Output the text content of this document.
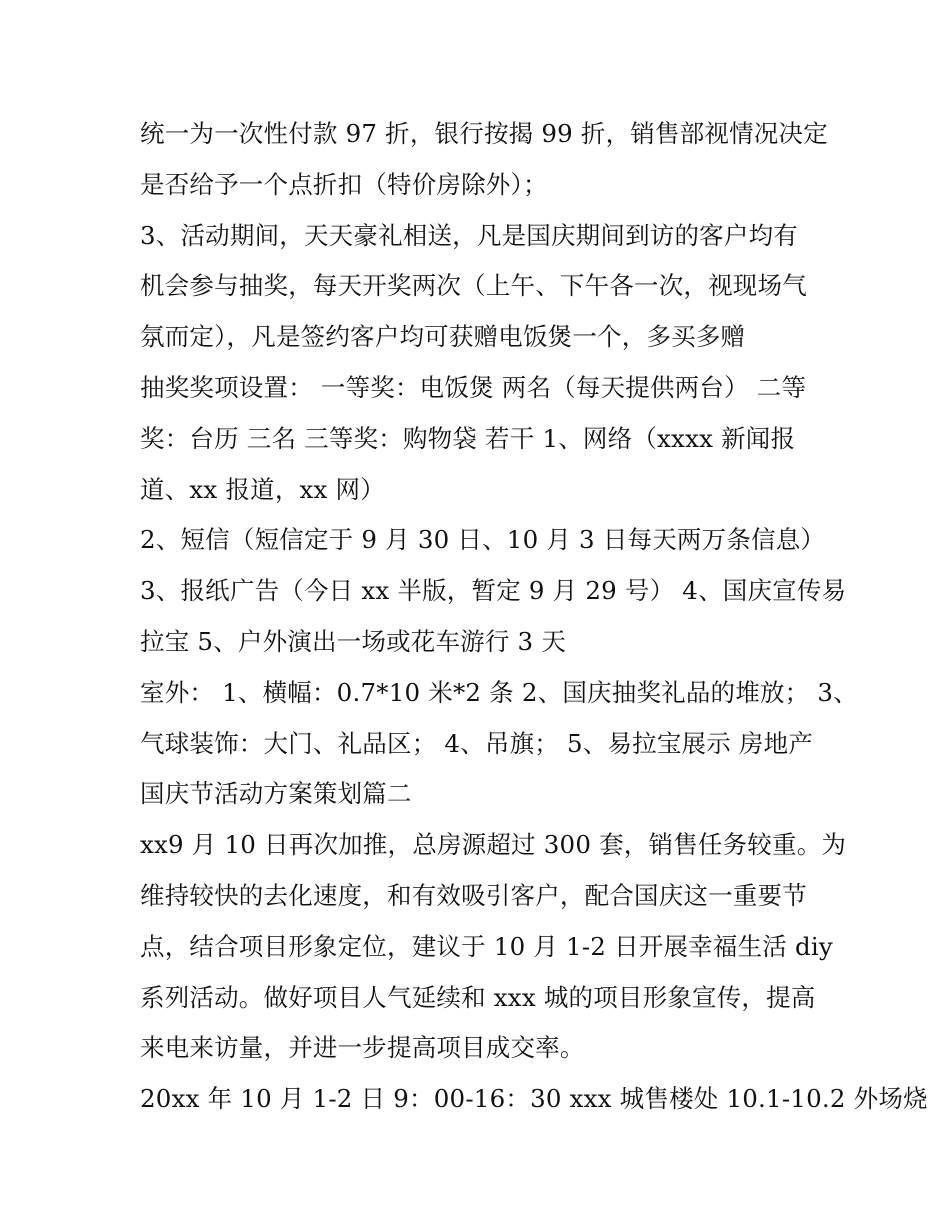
统一为一次性付款 97 折，银行按揭 99 折，销售部视情况决定
是否给予一个点折扣（特价房除外）；
3、活动期间，天天豪礼相送，凡是国庆期间到访的客户均有
机会参与抽奖，每天开奖两次（上午、下午各一次，视现场气
氛而定），凡是签约客户均可获赠电饭煲一个，多买多赠
抽奖奖项设置： 一等奖：电饭煲 两名（每天提供两台） 二等
奖：台历 三名 三等奖：购物袋 若干 1、网络（xxxx 新闻报
道、xx 报道，xx 网）
2、短信（短信定于 9 月 30 日、10 月 3 日每天两万条信息）
3、报纸广告（今日 xx 半版，暂定 9 月 29 号） 4、国庆宣传易
拉宝 5、户外演出一场或花车游行 3 天
室外： 1、横幅：0.7*10 米*2 条 2、国庆抽奖礼品的堆放； 3、
气球装饰：大门、礼品区； 4、吊旗； 5、易拉宝展示 房地产
国庆节活动方案策划篇二
xx9 月 10 日再次加推，总房源超过 300 套，销售任务较重。为
维持较快的去化速度，和有效吸引客户，配合国庆这一重要节
点，结合项目形象定位，建议于 10 月 1-2 日开展幸福生活 diy
系列活动。做好项目人气延续和 xxx 城的项目形象宣传，提高
来电来访量，并进一步提高项目成交率。
20xx 年 10 月 1-2 日 9：00-16：30 xxx 城售楼处 10.1-10.2 外场烧
